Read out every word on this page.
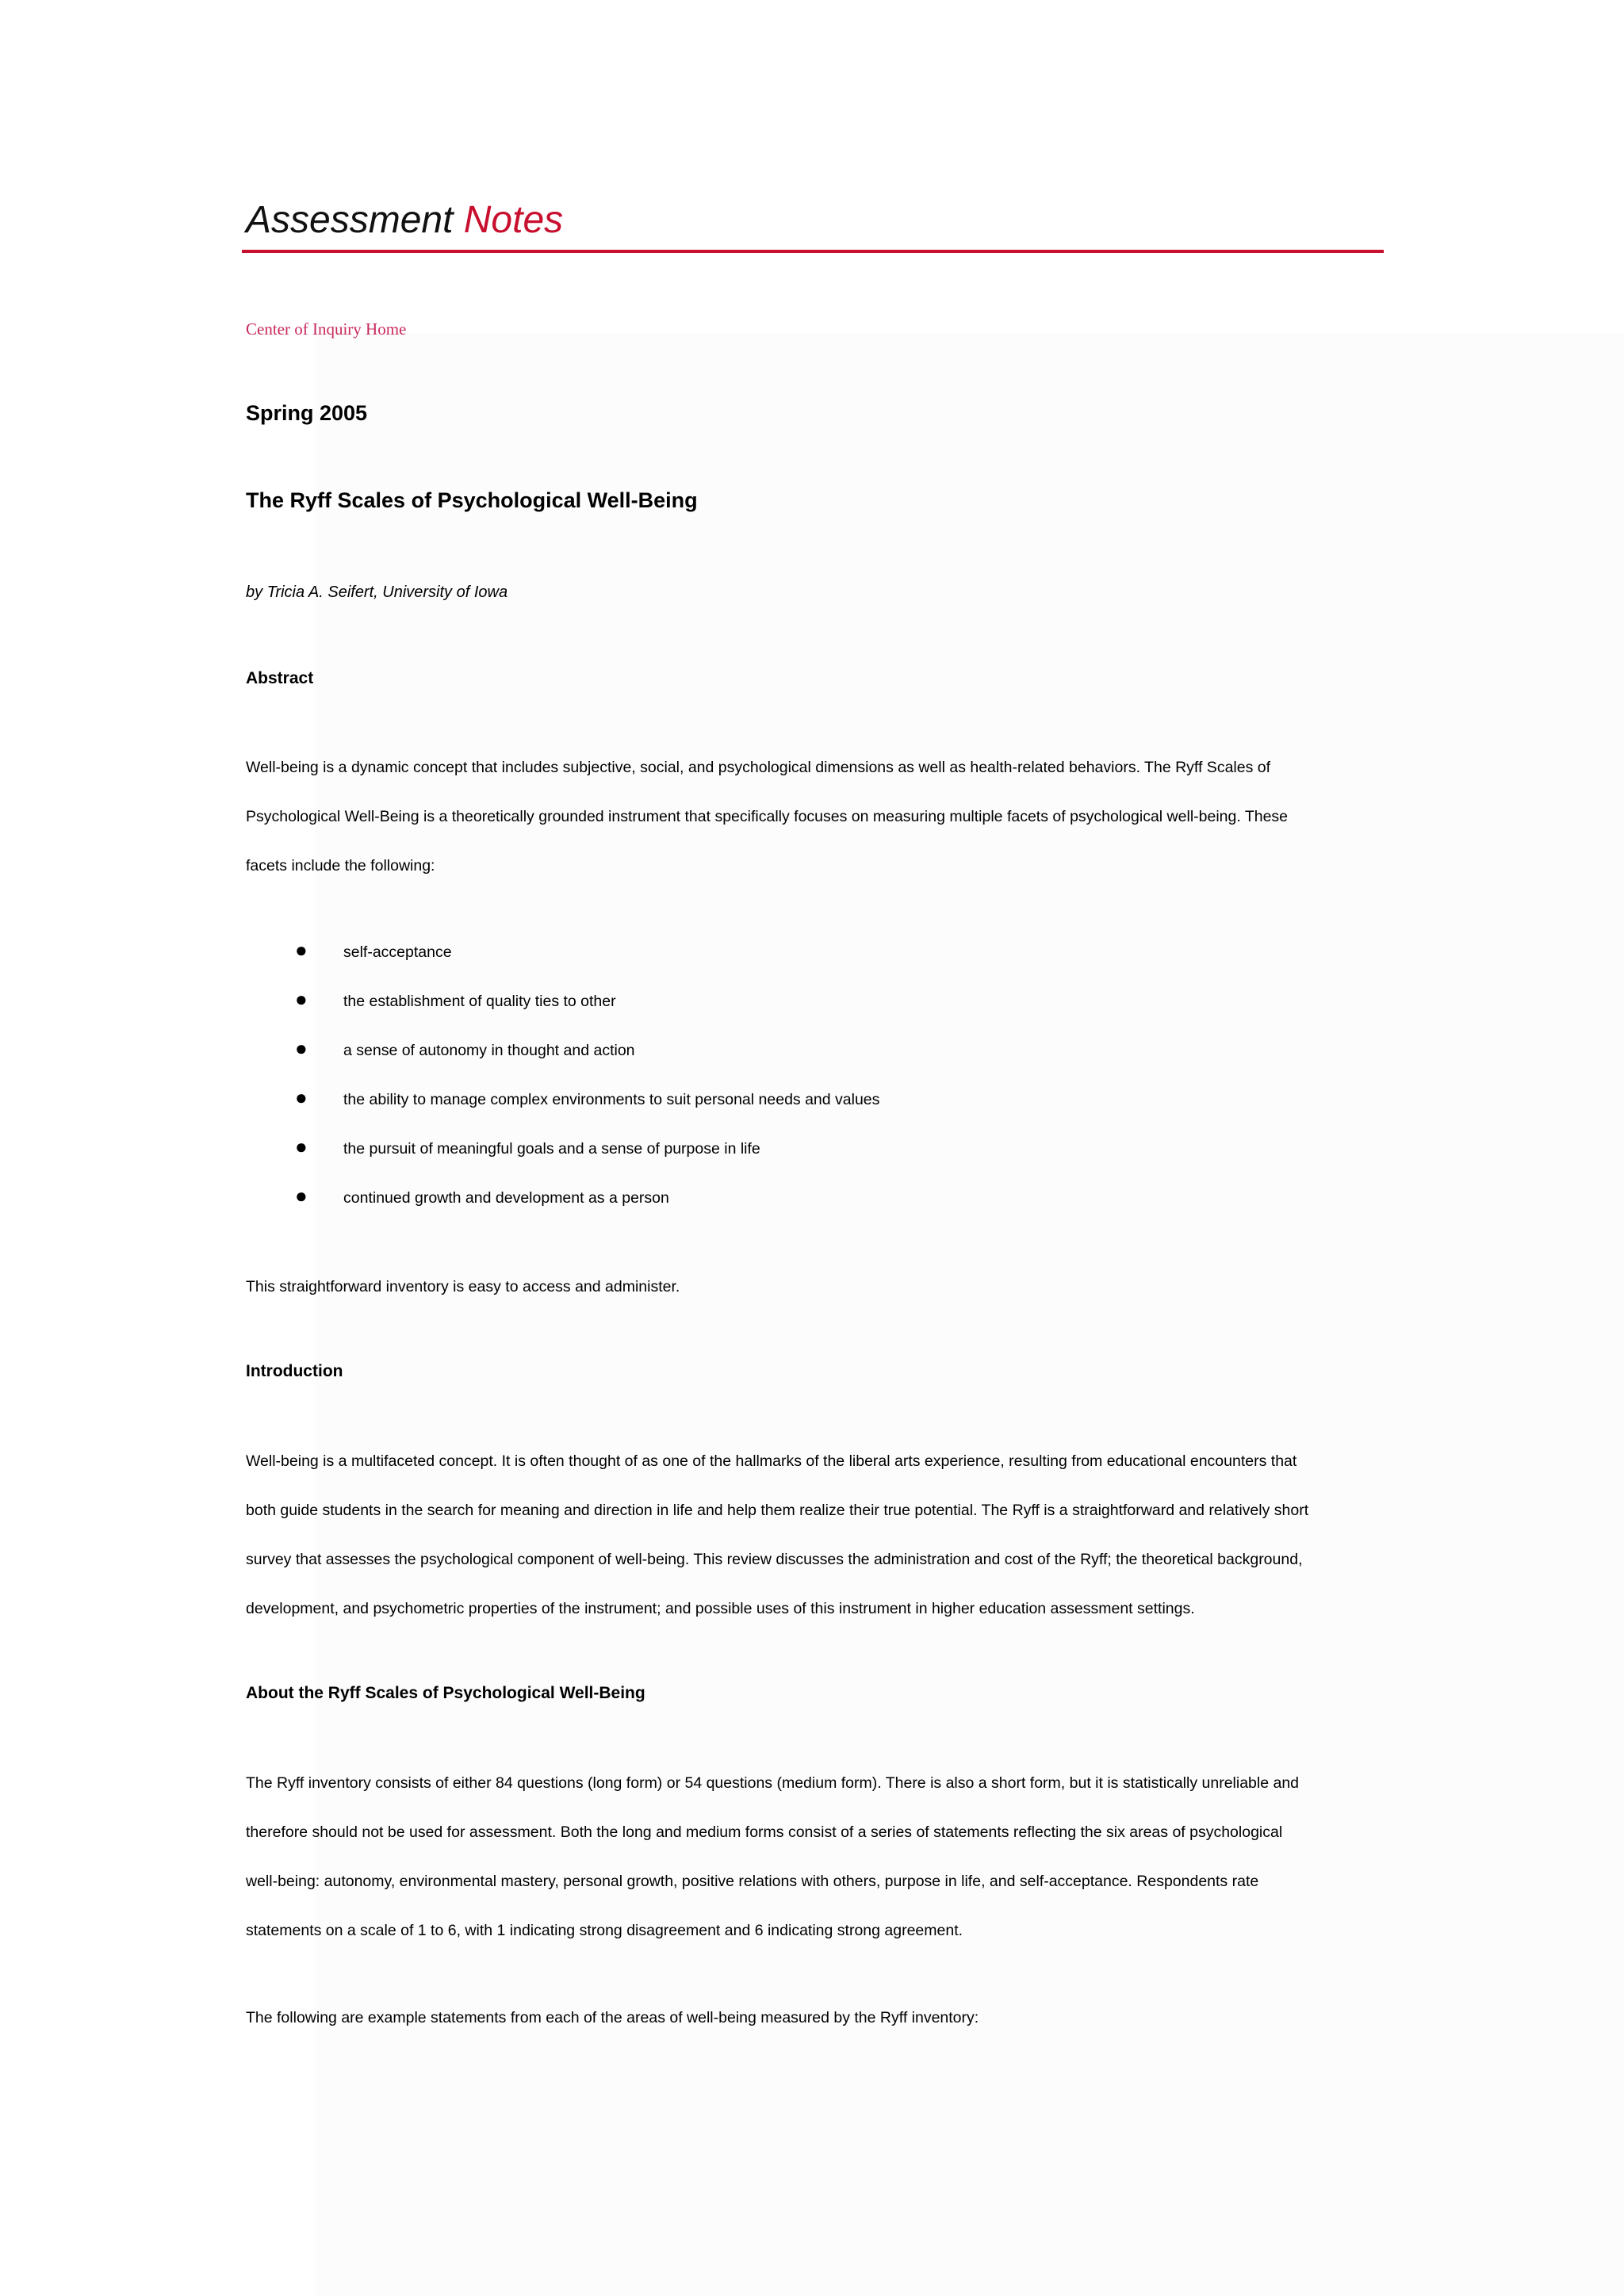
Assessment Notes
Center of Inquiry Home
Spring 2005
The Ryff Scales of Psychological Well-Being
by Tricia A. Seifert, University of Iowa
Abstract

Well-being is a dynamic concept that includes subjective, social, and psychological dimensions as well as health-related behaviors. The Ryff Scales of
Psychological Well-Being is a theoretically grounded instrument that specifically focuses on measuring multiple facets of psychological well-being. These
facets include the following:

● self-acceptance
● the establishment of quality ties to other
● a sense of autonomy in thought and action
● the ability to manage complex environments to suit personal needs and values
● the pursuit of meaningful goals and a sense of purpose in life
● continued growth and development as a person

This straightforward inventory is easy to access and administer.

Introduction

Well-being is a multifaceted concept. It is often thought of as one of the hallmarks of the liberal arts experience, resulting from educational encounters that
both guide students in the search for meaning and direction in life and help them realize their true potential. The Ryff is a straightforward and relatively short
survey that assesses the psychological component of well-being. This review discusses the administration and cost of the Ryff; the theoretical background,
development, and psychometric properties of the instrument; and possible uses of this instrument in higher education assessment settings.

About the Ryff Scales of Psychological Well-Being

The Ryff inventory consists of either 84 questions (long form) or 54 questions (medium form). There is also a short form, but it is statistically unreliable and
therefore should not be used for assessment. Both the long and medium forms consist of a series of statements reflecting the six areas of psychological
well-being: autonomy, environmental mastery, personal growth, positive relations with others, purpose in life, and self-acceptance. Respondents rate
statements on a scale of 1 to 6, with 1 indicating strong disagreement and 6 indicating strong agreement.

The following are example statements from each of the areas of well-being measured by the Ryff inventory:
